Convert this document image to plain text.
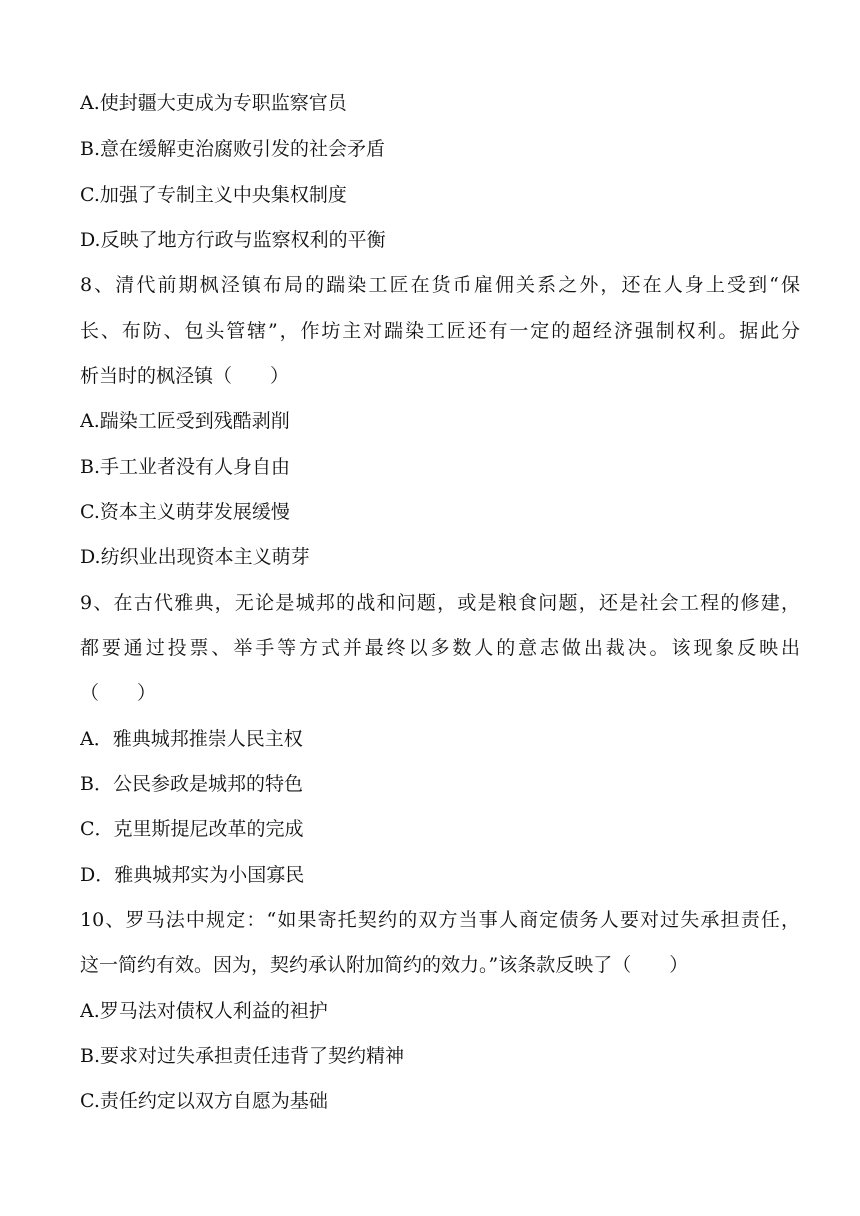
A.使封疆大吏成为专职监察官员
B.意在缓解吏治腐败引发的社会矛盾
C.加强了专制主义中央集权制度
D.反映了地方行政与监察权利的平衡
8、清代前期枫泾镇布局的踹染工匠在货币雇佣关系之外，还在人身上受到“保
长、布防、包头管辖”，作坊主对踹染工匠还有一定的超经济强制权利。据此分
析当时的枫泾镇（　　）
A.踹染工匠受到残酷剥削
B.手工业者没有人身自由
C.资本主义萌芽发展缓慢
D.纺织业出现资本主义萌芽
9、在古代雅典，无论是城邦的战和问题，或是粮食问题，还是社会工程的修建，
都要通过投票、举手等方式并最终以多数人的意志做出裁决。该现象反映出
（　　）
A．雅典城邦推崇人民主权
B．公民参政是城邦的特色
C．克里斯提尼改革的完成
D．雅典城邦实为小国寡民
10、罗马法中规定：“如果寄托契约的双方当事人商定债务人要对过失承担责任，
这一简约有效。因为，契约承认附加简约的效力。”该条款反映了（　　）
A.罗马法对债权人利益的袒护
B.要求对过失承担责任违背了契约精神
C.责任约定以双方自愿为基础
